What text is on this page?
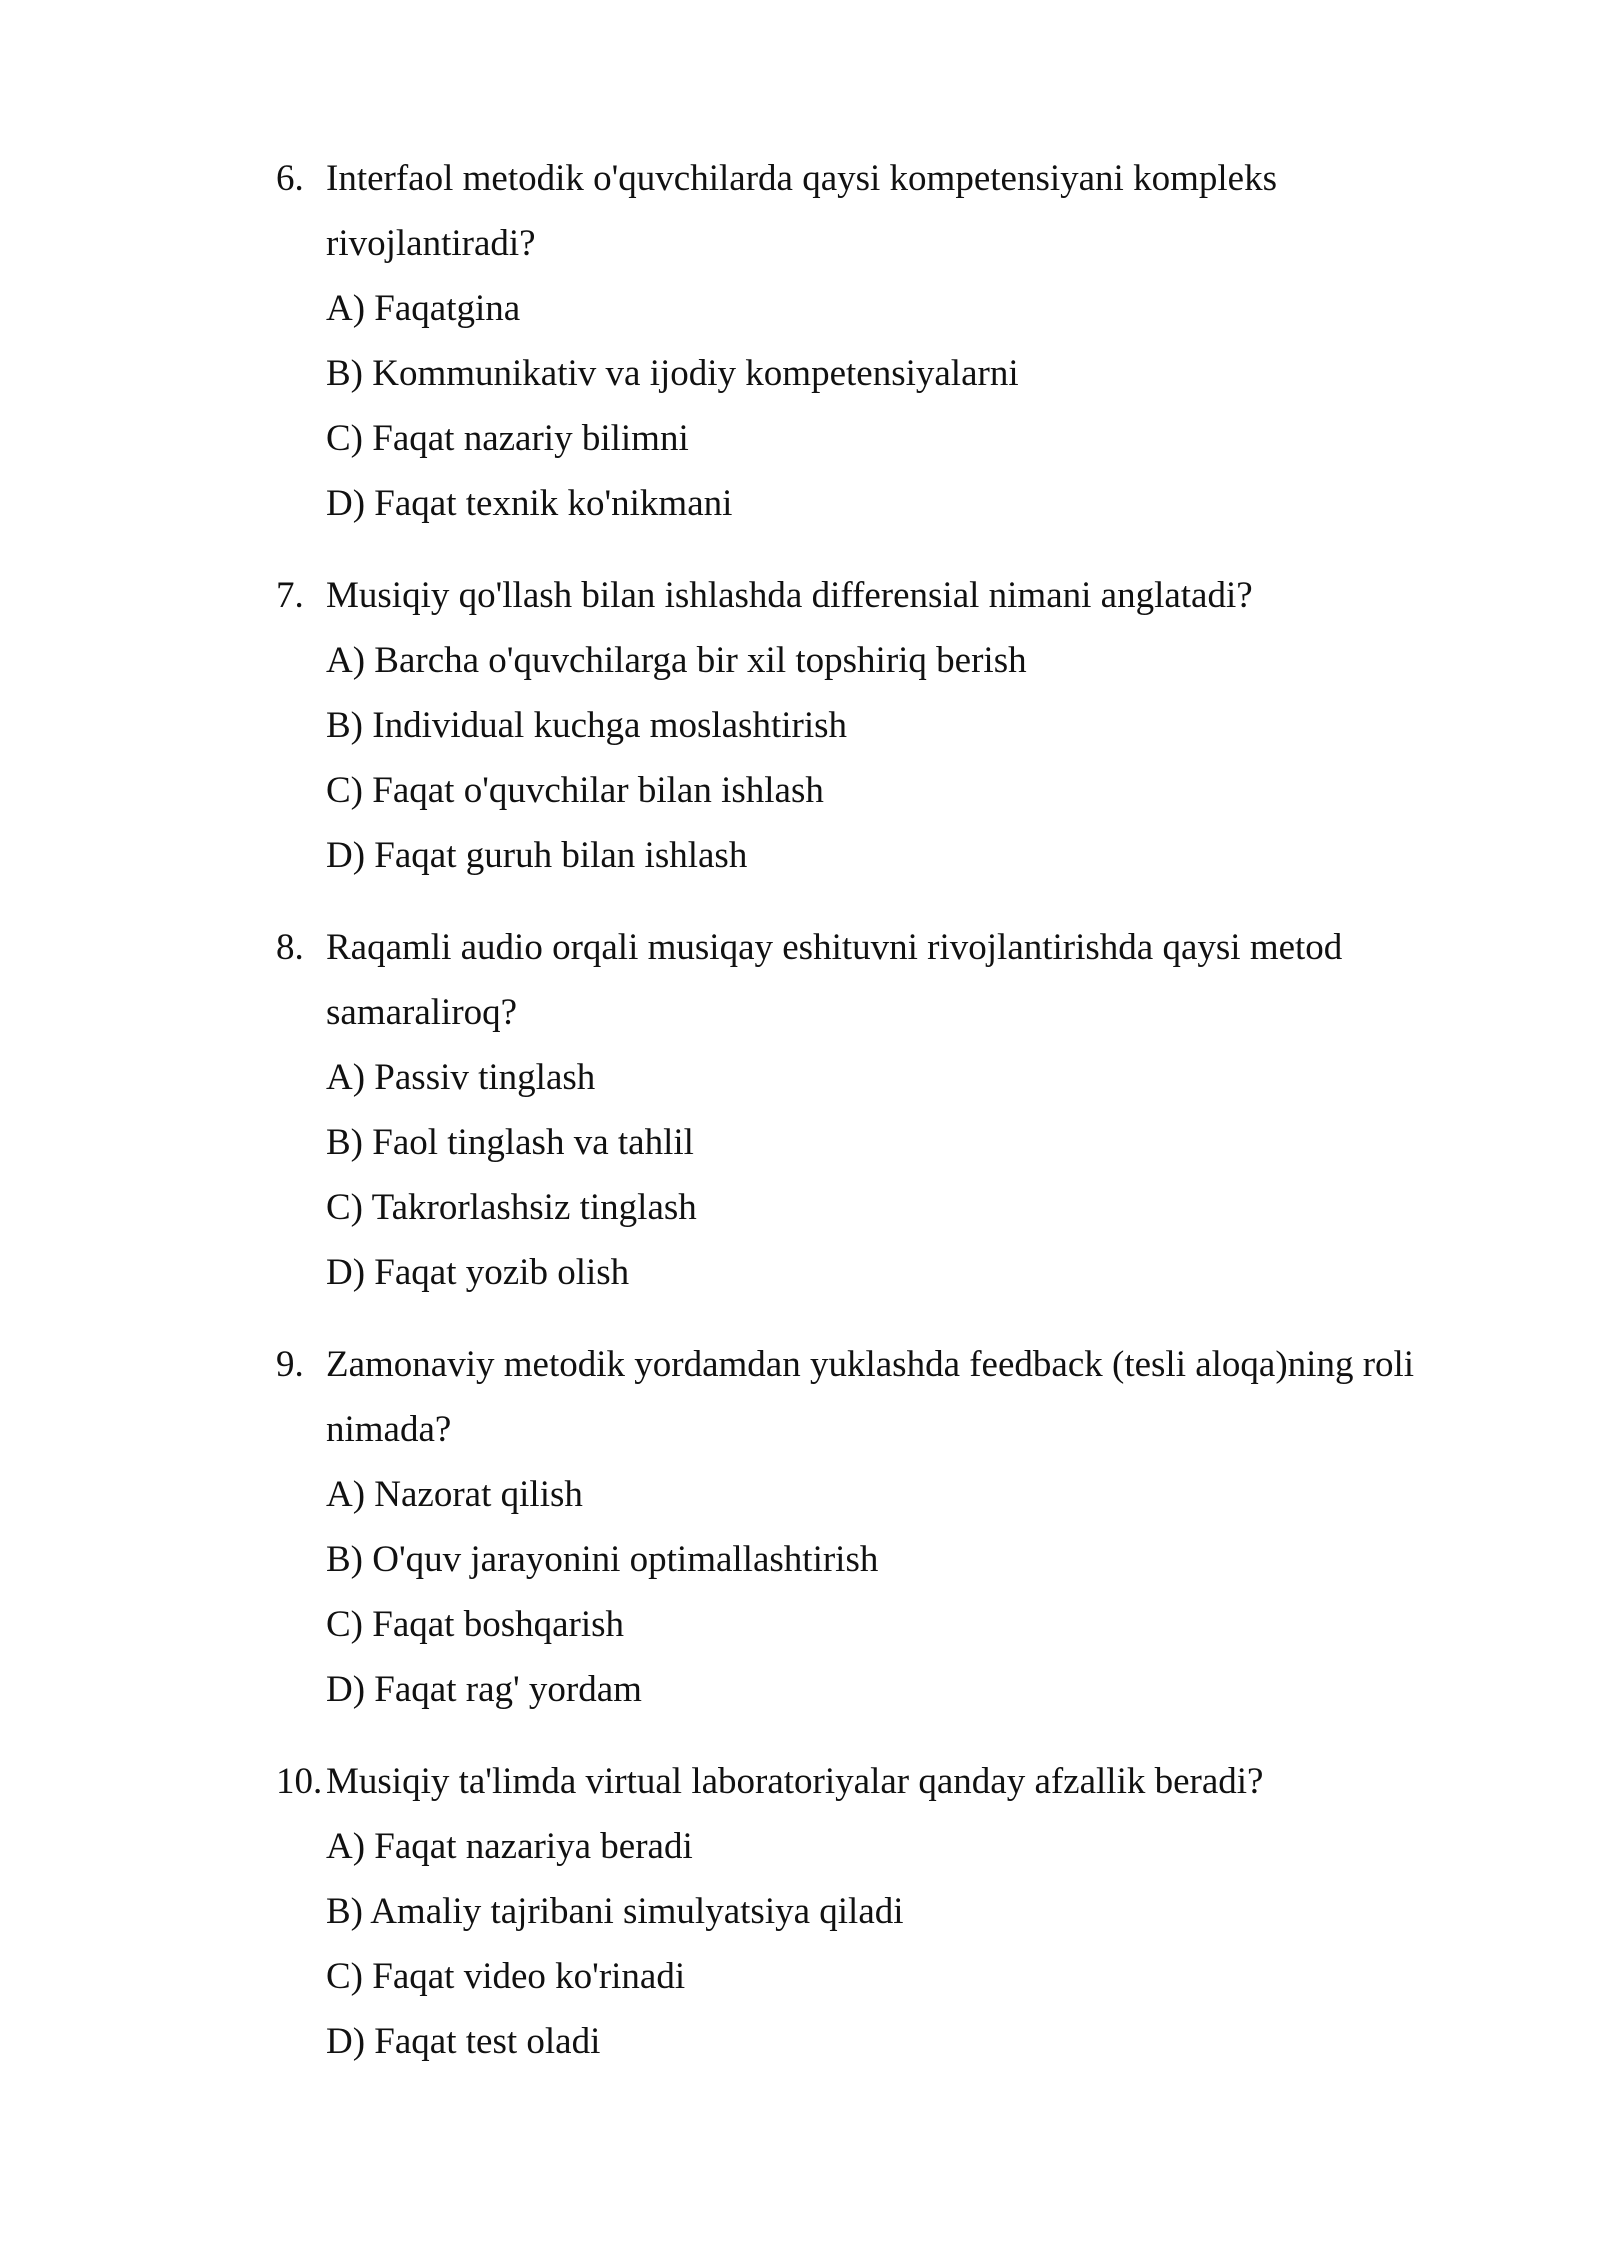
6. Interfaol metodik o'quvchilarda qaysi kompetensiyani kompleks rivojlantiradi?
A) Faqatgina
B) Kommunikativ va ijodiy kompetensiyalarni
C) Faqat nazariy bilimni
D) Faqat texnik ko'nikmani
7. Musiqiy qo'llash bilan ishlashda differensial nimani anglatadi?
A) Barcha o'quvchilarga bir xil topshiriq berish
B) Individual kuchga moslashtirish
C) Faqat o'quvchilar bilan ishlash
D) Faqat guruh bilan ishlash
8. Raqamli audio orqali musiqay eshituvni rivojlantirishda qaysi metod samaraliroq?
A) Passiv tinglash
B) Faol tinglash va tahlil
C) Takrorlashsiz tinglash
D) Faqat yozib olish
9. Zamonaviy metodik yordamdan yuklashda feedback (tesli aloqa)ning roli nimada?
A) Nazorat qilish
B) O'quv jarayonini optimallashtirish
C) Faqat boshqarish
D) Faqat rag' yordam
10. Musiqiy ta'limda virtual laboratoriyalar qanday afzallik beradi?
A) Faqat nazariya beradi
B) Amaliy tajribani simulyatsiya qiladi
C) Faqat video ko'rinadi
D) Faqat test oladi
